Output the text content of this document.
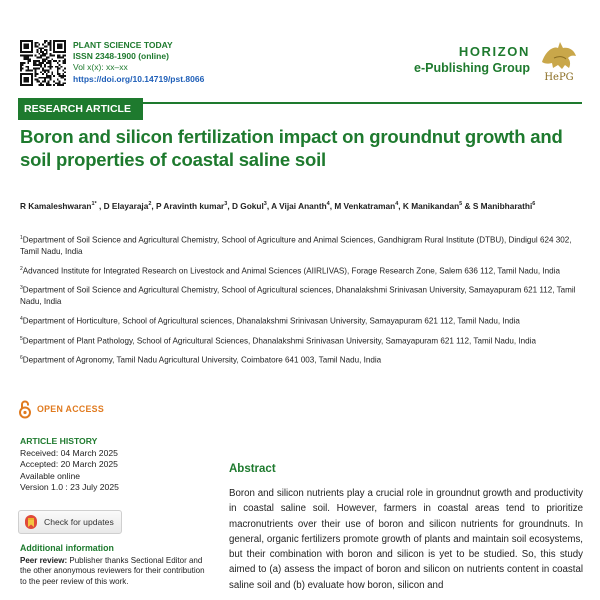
PLANT SCIENCE TODAY
ISSN 2348-1900 (online)
Vol x(x): xx–xx
https://doi.org/10.14719/pst.8066
HORIZON
e-Publishing Group
HePG
RESEARCH ARTICLE
Boron and silicon fertilization impact on groundnut growth and soil properties of coastal saline soil
R Kamaleshwaran$^{1*}$ , D Elayaraja$^2$, P Aravinth kumar$^3$, D Gokul$^3$, A Vijai Ananth$^4$, M Venkatraman$^4$, K Manikandan$^5$ & S Manibharathi$^6$
$^1$Department of Soil Science and Agricultural Chemistry, School of Agriculture and Animal Sciences, Gandhigram Rural Institute (DTBU), Dindigul 624 302, Tamil Nadu, India
$^2$Advanced Institute for Integrated Research on Livestock and Animal Sciences (AIIRLIVAS), Forage Research Zone, Salem 636 112, Tamil Nadu, India
$^3$Department of Soil Science and Agricultural Chemistry, School of Agricultural sciences, Dhanalakshmi Srinivasan University, Samayapuram 621 112, Tamil Nadu, India
$^4$Department of Horticulture, School of Agricultural sciences, Dhanalakshmi Srinivasan University, Samayapuram 621 112, Tamil Nadu, India
$^5$Department of Plant Pathology, School of Agricultural Sciences, Dhanalakshmi Srinivasan University, Samayapuram 621 112, Tamil Nadu, India
$^6$Department of Agronomy, Tamil Nadu Agricultural University, Coimbatore 641 003, Tamil Nadu, India
OPEN ACCESS
ARTICLE HISTORY
Received: 04 March 2025
Accepted: 20 March 2025
Available online
Version 1.0 : 23 July 2025
Check for updates
Additional information
Peer review: Publisher thanks Sectional Editor and the other anonymous reviewers for their contribution to the peer review of this work.
Abstract

Boron and silicon nutrients play a crucial role in groundnut growth and productivity in coastal saline soil. However, farmers in coastal areas tend to prioritize macronutrients over their use of boron and silicon nutrients for groundnuts. In general, organic fertilizers promote growth of plants and maintain soil ecosystems, but their combination with boron and silicon is yet to be studied. So, this study aimed to (a) assess the impact of boron and silicon on nutrients content in coastal saline soil and (b) evaluate how boron, silicon and
